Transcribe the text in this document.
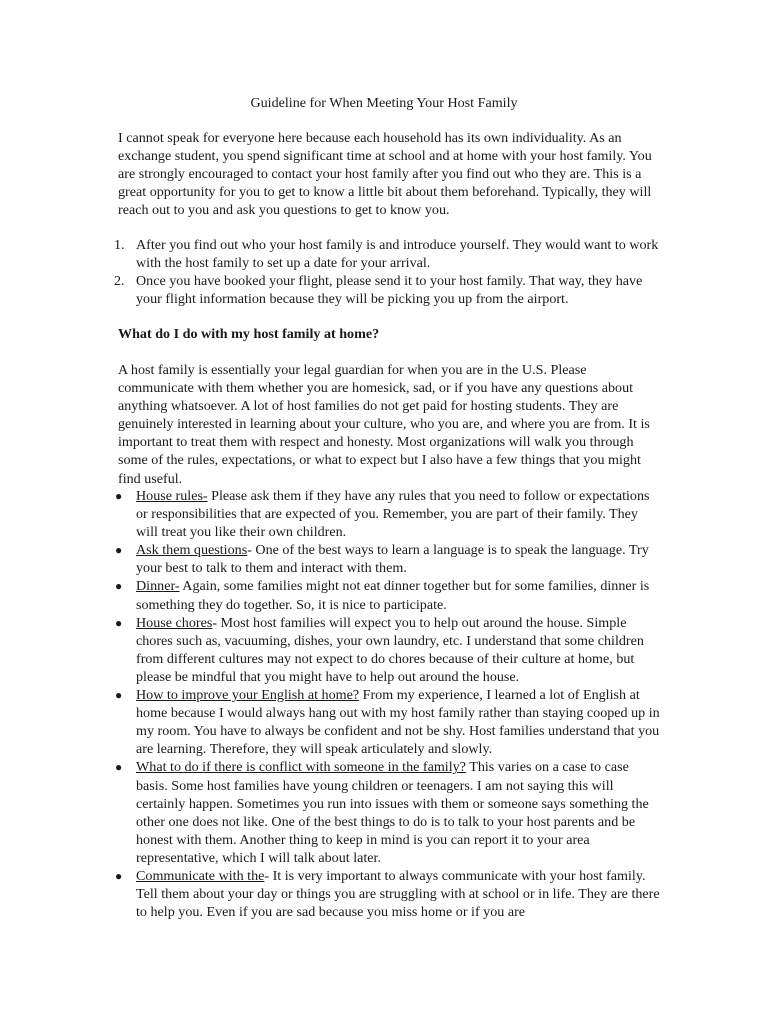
Guideline for When Meeting Your Host Family

I cannot speak for everyone here because each household has its own individuality. As an exchange student, you spend significant time at school and at home with your host family. You are strongly encouraged to contact your host family after you find out who they are. This is a great opportunity for you to get to know a little bit about them beforehand. Typically, they will reach out to you and ask you questions to get to know you.

1. After you find out who your host family is and introduce yourself. They would want to work with the host family to set up a date for your arrival.
2. Once you have booked your flight, please send it to your host family. That way, they have your flight information because they will be picking you up from the airport.
What do I do with my host family at home?

A host family is essentially your legal guardian for when you are in the U.S. Please communicate with them whether you are homesick, sad, or if you have any questions about anything whatsoever. A lot of host families do not get paid for hosting students. They are genuinely interested in learning about your culture, who you are, and where you are from. It is important to treat them with respect and honesty. Most organizations will walk you through some of the rules, expectations, or what to expect but I also have a few things that you might find useful.

● House rules- Please ask them if they have any rules that you need to follow or expectations or responsibilities that are expected of you. Remember, you are part of their family. They will treat you like their own children.
● Ask them questions- One of the best ways to learn a language is to speak the language. Try your best to talk to them and interact with them.
● Dinner- Again, some families might not eat dinner together but for some families, dinner is something they do together. So, it is nice to participate.
● House chores- Most host families will expect you to help out around the house. Simple chores such as, vacuuming, dishes, your own laundry, etc. I understand that some children from different cultures may not expect to do chores because of their culture at home, but please be mindful that you might have to help out around the house.
● How to improve your English at home? From my experience, I learned a lot of English at home because I would always hang out with my host family rather than staying cooped up in my room. You have to always be confident and not be shy. Host families understand that you are learning. Therefore, they will speak articulately and slowly.
● What to do if there is conflict with someone in the family? This varies on a case to case basis. Some host families have young children or teenagers. I am not saying this will certainly happen. Sometimes you run into issues with them or someone says something the other one does not like. One of the best things to do is to talk to your host parents and be honest with them. Another thing to keep in mind is you can report it to your area representative, which I will talk about later.
● Communicate with the- It is very important to always communicate with your host family. Tell them about your day or things you are struggling with at school or in life. They are there to help you. Even if you are sad because you miss home or if you are
